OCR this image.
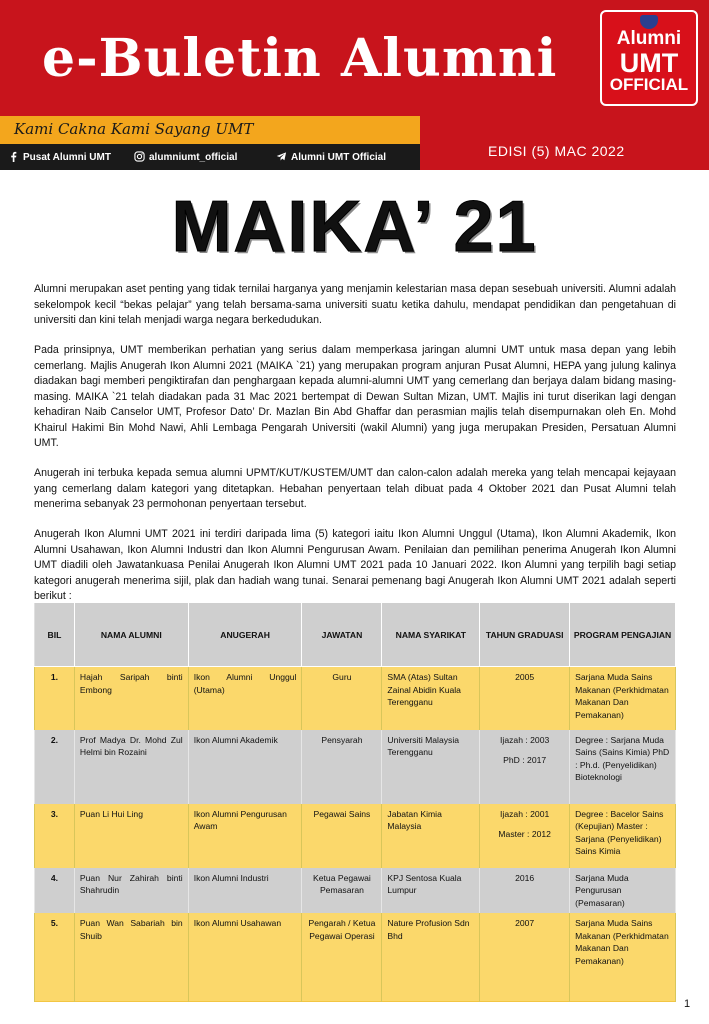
e-Buletin Alumni	Alumni
UMT
OFFICIAL
Kami Cakna Kami Sayang UMT
Pusat Alumni UMT	alumniumt_official	Alumni UMT Official	EDISI (5) MAC 2022
MAIKA’ 21

Alumni merupakan aset penting yang tidak ternilai harganya yang menjamin kelestarian masa depan sesebuah universiti. Alumni adalah sekelompok kecil “bekas pelajar” yang telah bersama-sama universiti suatu ketika dahulu, mendapat pendidikan dan pengetahuan di universiti dan kini telah menjadi warga negara berkedudukan.

Pada prinsipnya, UMT memberikan perhatian yang serius dalam memperkasa jaringan alumni UMT untuk masa depan yang lebih cemerlang. Majlis Anugerah Ikon Alumni 2021 (MAIKA `21) yang merupakan program anjuran Pusat Alumni, HEPA yang julung kalinya diadakan bagi memberi pengiktirafan dan penghargaan kepada alumni-alumni UMT yang cemerlang dan berjaya dalam bidang masing-masing. MAIKA `21 telah diadakan pada 31 Mac 2021 bertempat di Dewan Sultan Mizan, UMT. Majlis ini turut diserikan lagi dengan kehadiran Naib Canselor UMT, Profesor Dato’ Dr. Mazlan Bin Abd Ghaffar dan perasmian majlis telah disempurnakan oleh En. Mohd Khairul Hakimi Bin Mohd Nawi, Ahli Lembaga Pengarah Universiti (wakil Alumni) yang juga merupakan Presiden, Persatuan Alumni UMT.

Anugerah ini terbuka kepada semua alumni UPMT/KUT/KUSTEM/UMT dan calon-calon adalah mereka yang telah mencapai kejayaan yang cemerlang dalam kategori yang ditetapkan. Hebahan penyertaan telah dibuat pada 4 Oktober 2021 dan Pusat Alumni telah menerima sebanyak 23 permohonan penyertaan tersebut.

Anugerah Ikon Alumni UMT 2021 ini terdiri daripada lima (5) kategori iaitu Ikon Alumni Unggul (Utama), Ikon Alumni Akademik, Ikon Alumni Usahawan, Ikon Alumni Industri dan Ikon Alumni Pengurusan Awam. Penilaian dan pemilihan penerima Anugerah Ikon Alumni UMT diadili oleh Jawatankuasa Penilai Anugerah Ikon Alumni UMT 2021 pada 10 Januari 2022. Ikon Alumni yang terpilih bagi setiap kategori anugerah menerima sijil, plak dan hadiah wang tunai. Senarai pemenang bagi Anugerah Ikon Alumni UMT 2021 adalah seperti berikut :

BIL	NAMA ALUMNI	ANUGERAH	JAWATAN	NAMA SYARIKAT	TAHUN GRADUASI	PROGRAM PENGAJIAN
1.	Hajah Saripah binti Embong	Ikon Alumni Unggul (Utama)	Guru	SMA (Atas) Sultan Zainal Abidin Kuala Terengganu	2005	Sarjana Muda Sains Makanan (Perkhidmatan Makanan Dan Pemakanan)
2.	Prof Madya Dr. Mohd Zul Helmi bin Rozaini	Ikon Alumni Akademik	Pensyarah	Universiti Malaysia Terengganu	Ijazah : 2003
PhD : 2017	Degree : Sarjana Muda Sains (Sains Kimia) PhD : Ph.d. (Penyelidikan) Bioteknologi
3.	Puan Li Hui Ling	Ikon Alumni Pengurusan Awam	Pegawai Sains	Jabatan Kimia Malaysia	Ijazah : 2001
Master : 2012	Degree : Bacelor Sains (Kepujian) Master : Sarjana (Penyelidikan) Sains Kimia
4.	Puan Nur Zahirah binti Shahrudin	Ikon Alumni Industri	Ketua Pegawai Pemasaran	KPJ Sentosa Kuala Lumpur	2016	Sarjana Muda Pengurusan (Pemasaran)
5.	Puan Wan Sabariah bin Shuib	Ikon Alumni Usahawan	Pengarah / Ketua Pegawai Operasi	Nature Profusion Sdn Bhd	2007	Sarjana Muda Sains Makanan (Perkhidmatan Makanan Dan Pemakanan)
1
